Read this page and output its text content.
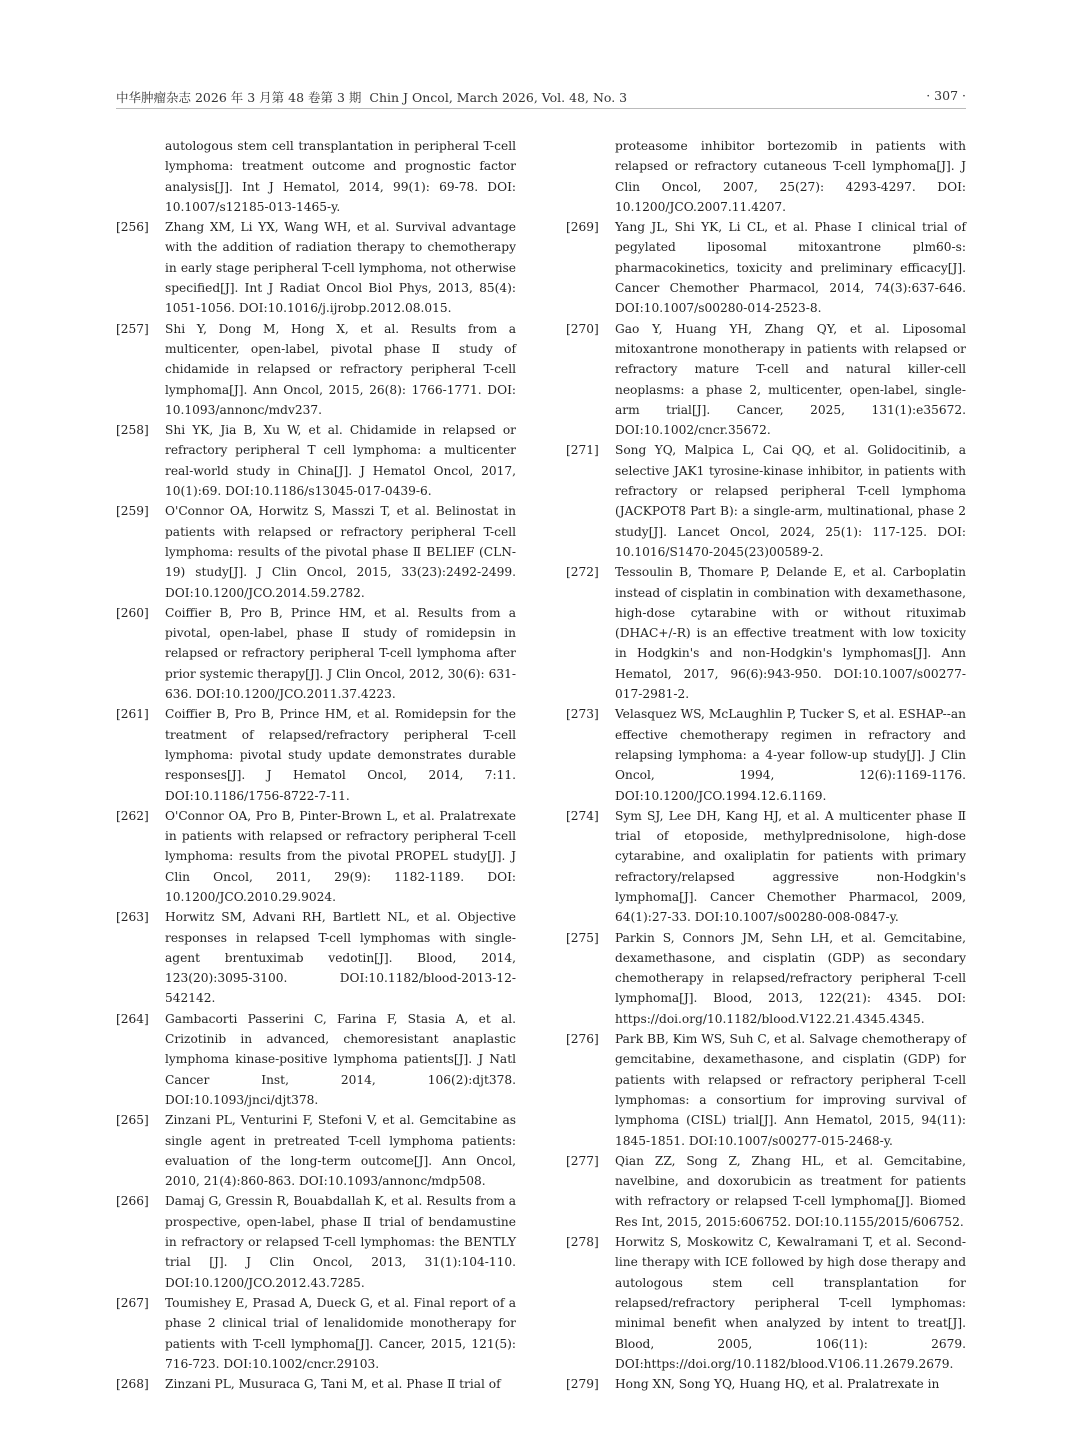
中华肿瘤杂志 2026 年 3 月第 48 卷第 3 期 Chin J Oncol, March 2026, Vol. 48, No. 3	· 307 ·

autologous stem cell transplantation in peripheral T-cell lymphoma: treatment outcome and prognostic factor analysis[J]. Int J Hematol, 2014, 99(1): 69-78. DOI: 10.1007/s12185-013-1465-y.

[256] Zhang XM, Li YX, Wang WH, et al. Survival advantage with the addition of radiation therapy to chemotherapy in early stage peripheral T-cell lymphoma, not otherwise specified[J]. Int J Radiat Oncol Biol Phys, 2013, 85(4): 1051-1056. DOI:10.1016/j.ijrobp.2012.08.015.

[257] Shi Y, Dong M, Hong X, et al. Results from a multicenter, open-label, pivotal phase Ⅱ study of chidamide in relapsed or refractory peripheral T-cell lymphoma[J]. Ann Oncol, 2015, 26(8): 1766-1771. DOI: 10.1093/annonc/mdv237.

[258] Shi YK, Jia B, Xu W, et al. Chidamide in relapsed or refractory peripheral T cell lymphoma: a multicenter real-world study in China[J]. J Hematol Oncol, 2017, 10(1):69. DOI:10.1186/s13045-017-0439-6.

[259] O'Connor OA, Horwitz S, Masszi T, et al. Belinostat in patients with relapsed or refractory peripheral T-cell lymphoma: results of the pivotal phase Ⅱ BELIEF (CLN-19) study[J]. J Clin Oncol, 2015, 33(23):2492-2499. DOI:10.1200/JCO.2014.59.2782.

[260] Coiffier B, Pro B, Prince HM, et al. Results from a pivotal, open-label, phase Ⅱ study of romidepsin in relapsed or refractory peripheral T-cell lymphoma after prior systemic therapy[J]. J Clin Oncol, 2012, 30(6): 631-636. DOI:10.1200/JCO.2011.37.4223.

[261] Coiffier B, Pro B, Prince HM, et al. Romidepsin for the treatment of relapsed/refractory peripheral T-cell lymphoma: pivotal study update demonstrates durable responses[J]. J Hematol Oncol, 2014, 7:11. DOI:10.1186/1756-8722-7-11.

[262] O'Connor OA, Pro B, Pinter-Brown L, et al. Pralatrexate in patients with relapsed or refractory peripheral T-cell lymphoma: results from the pivotal PROPEL study[J]. J Clin Oncol, 2011, 29(9): 1182-1189. DOI: 10.1200/JCO.2010.29.9024.

[263] Horwitz SM, Advani RH, Bartlett NL, et al. Objective responses in relapsed T-cell lymphomas with single-agent brentuximab vedotin[J]. Blood, 2014, 123(20):3095-3100. DOI:10.1182/blood-2013-12-542142.

[264] Gambacorti Passerini C, Farina F, Stasia A, et al. Crizotinib in advanced, chemoresistant anaplastic lymphoma kinase-positive lymphoma patients[J]. J Natl Cancer Inst, 2014, 106(2):djt378. DOI:10.1093/jnci/djt378.

[265] Zinzani PL, Venturini F, Stefoni V, et al. Gemcitabine as single agent in pretreated T-cell lymphoma patients: evaluation of the long-term outcome[J]. Ann Oncol, 2010, 21(4):860-863. DOI:10.1093/annonc/mdp508.

[266] Damaj G, Gressin R, Bouabdallah K, et al. Results from a prospective, open-label, phase Ⅱ trial of bendamustine in refractory or relapsed T-cell lymphomas: the BENTLY trial [J]. J Clin Oncol, 2013, 31(1):104-110. DOI:10.1200/JCO.2012.43.7285.

[267] Toumishey E, Prasad A, Dueck G, et al. Final report of a phase 2 clinical trial of lenalidomide monotherapy for patients with T-cell lymphoma[J]. Cancer, 2015, 121(5): 716-723. DOI:10.1002/cncr.29103.

[268] Zinzani PL, Musuraca G, Tani M, et al. Phase Ⅱ trial of

proteasome inhibitor bortezomib in patients with relapsed or refractory cutaneous T-cell lymphoma[J]. J Clin Oncol, 2007, 25(27): 4293-4297. DOI: 10.1200/JCO.2007.11.4207.

[269] Yang JL, Shi YK, Li CL, et al. Phase Ⅰ clinical trial of pegylated liposomal mitoxantrone plm60-s: pharmacokinetics, toxicity and preliminary efficacy[J]. Cancer Chemother Pharmacol, 2014, 74(3):637-646. DOI:10.1007/s00280-014-2523-8.

[270] Gao Y, Huang YH, Zhang QY, et al. Liposomal mitoxantrone monotherapy in patients with relapsed or refractory mature T-cell and natural killer-cell neoplasms: a phase 2, multicenter, open-label, single-arm trial[J]. Cancer, 2025, 131(1):e35672. DOI:10.1002/cncr.35672.

[271] Song YQ, Malpica L, Cai QQ, et al. Golidocitinib, a selective JAK1 tyrosine-kinase inhibitor, in patients with refractory or relapsed peripheral T-cell lymphoma (JACKPOT8 Part B): a single-arm, multinational, phase 2 study[J]. Lancet Oncol, 2024, 25(1): 117-125. DOI: 10.1016/S1470-2045(23)00589-2.

[272] Tessoulin B, Thomare P, Delande E, et al. Carboplatin instead of cisplatin in combination with dexamethasone, high-dose cytarabine with or without rituximab (DHAC+/-R) is an effective treatment with low toxicity in Hodgkin's and non-Hodgkin's lymphomas[J]. Ann Hematol, 2017, 96(6):943-950. DOI:10.1007/s00277-017-2981-2.

[273] Velasquez WS, McLaughlin P, Tucker S, et al. ESHAP--an effective chemotherapy regimen in refractory and relapsing lymphoma: a 4-year follow-up study[J]. J Clin Oncol, 1994, 12(6):1169-1176. DOI:10.1200/JCO.1994.12.6.1169.

[274] Sym SJ, Lee DH, Kang HJ, et al. A multicenter phase Ⅱ trial of etoposide, methylprednisolone, high-dose cytarabine, and oxaliplatin for patients with primary refractory/relapsed aggressive non-Hodgkin's lymphoma[J]. Cancer Chemother Pharmacol, 2009, 64(1):27-33. DOI:10.1007/s00280-008-0847-y.

[275] Parkin S, Connors JM, Sehn LH, et al. Gemcitabine, dexamethasone, and cisplatin (GDP) as secondary chemotherapy in relapsed/refractory peripheral T-cell lymphoma[J]. Blood, 2013, 122(21): 4345. DOI: https://doi.org/10.1182/blood.V122.21.4345.4345.

[276] Park BB, Kim WS, Suh C, et al. Salvage chemotherapy of gemcitabine, dexamethasone, and cisplatin (GDP) for patients with relapsed or refractory peripheral T-cell lymphomas: a consortium for improving survival of lymphoma (CISL) trial[J]. Ann Hematol, 2015, 94(11): 1845-1851. DOI:10.1007/s00277-015-2468-y.

[277] Qian ZZ, Song Z, Zhang HL, et al. Gemcitabine, navelbine, and doxorubicin as treatment for patients with refractory or relapsed T-cell lymphoma[J]. Biomed Res Int, 2015, 2015:606752. DOI:10.1155/2015/606752.

[278] Horwitz S, Moskowitz C, Kewalramani T, et al. Second-line therapy with ICE followed by high dose therapy and autologous stem cell transplantation for relapsed/refractory peripheral T-cell lymphomas: minimal benefit when analyzed by intent to treat[J]. Blood, 2005, 106(11): 2679. DOI:https://doi.org/10.1182/blood.V106.11.2679.2679.

[279] Hong XN, Song YQ, Huang HQ, et al. Pralatrexate in
